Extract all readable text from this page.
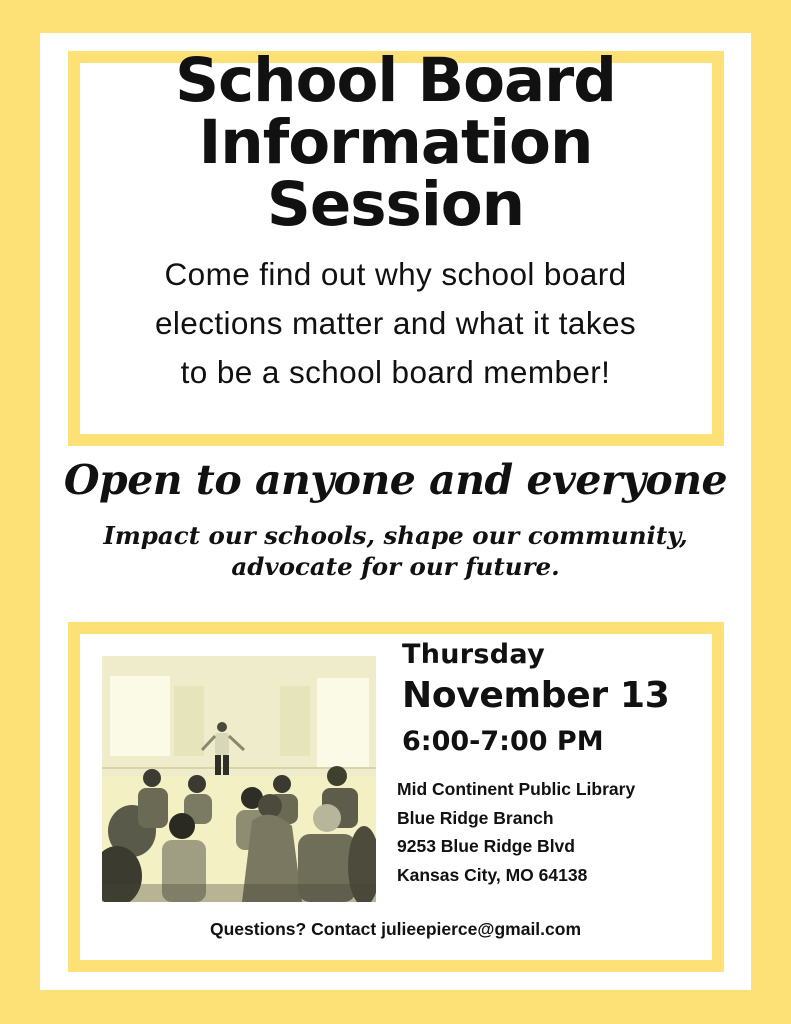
School Board
Information
Session
Come find out why school board
elections matter and what it takes
to be a school board member!
Open to anyone and everyone
Impact our schools, shape our community,
advocate for our future.
Thursday
November 13
6:00-7:00 PM
Mid Continent Public Library
Blue Ridge Branch
9253 Blue Ridge Blvd
Kansas City, MO 64138
Questions? Contact julieepierce@gmail.com
